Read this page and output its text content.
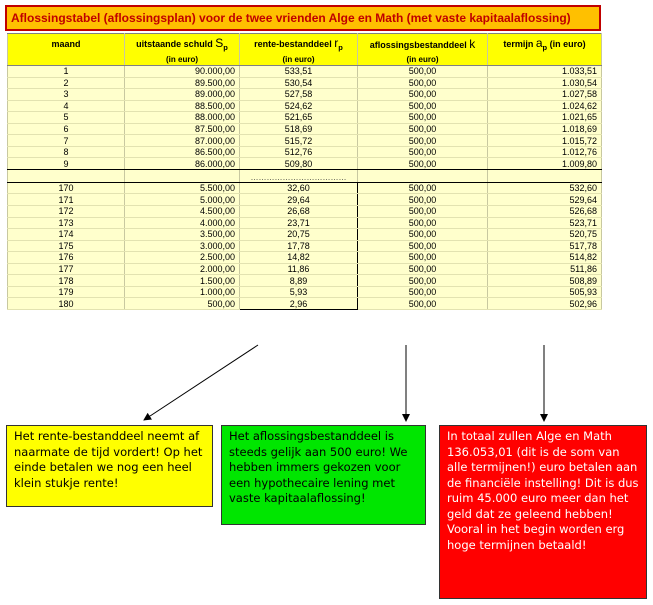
Aflossingstabel (aflossingsplan) voor de twee vrienden Alge en Math (met vaste kapitaalaflossing)
maand	uitstaande schuld $S_p$	rente-bestanddeel $r_p$	aflossingsbestanddeel k	termijn $a_p$ (in euro)
	(in euro)	(in euro)	(in euro)	
1	90.000,00	533,51	500,00	1.033,51
2	89.500,00	530,54	500,00	1.030,54
3	89.000,00	527,58	500,00	1.027,58
4	88.500,00	524,62	500,00	1.024,62
5	88.000,00	521,65	500,00	1.021,65
6	87.500,00	518,69	500,00	1.018,69
7	87.000,00	515,72	500,00	1.015,72
8	86.500,00	512,76	500,00	1.012,76
9	86.000,00	509,80	500,00	1.009,80
		………………………………		
170	5.500,00	32,60	500,00	532,60
171	5.000,00	29,64	500,00	529,64
172	4.500,00	26,68	500,00	526,68
173	4.000,00	23,71	500,00	523,71
174	3.500,00	20,75	500,00	520,75
175	3.000,00	17,78	500,00	517,78
176	2.500,00	14,82	500,00	514,82
177	2.000,00	11,86	500,00	511,86
178	1.500,00	8,89	500,00	508,89
179	1.000,00	5,93	500,00	505,93
180	500,00	2,96	500,00	502,96
Het rente-bestanddeel neemt af naarmate de tijd vordert! Op het einde betalen we nog een heel klein stukje rente!
Het aflossingsbestanddeel is steeds gelijk aan 500 euro! We hebben immers gekozen voor een hypothecaire lening met vaste kapitaalaflossing!
In totaal zullen Alge en Math 136.053,01 (dit is de som van alle termijnen!) euro betalen aan de financiële instelling! Dit is dus ruim 45.000 euro meer dan het geld dat ze geleend hebben! Vooral in het begin worden erg hoge termijnen betaald!
